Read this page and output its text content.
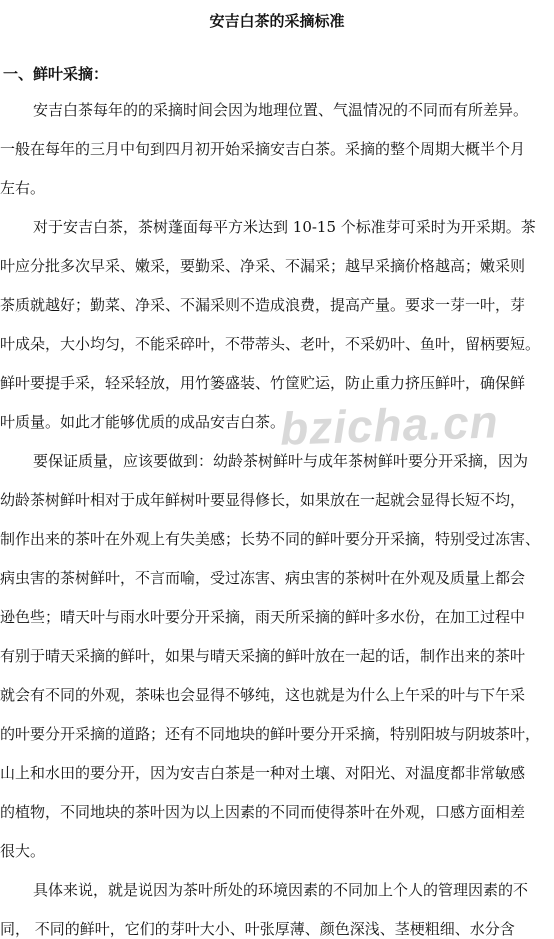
安吉白茶的采摘标准
一、鲜叶采摘：
安吉白茶每年的的采摘时间会因为地理位置、气温情况的不同而有所差异。
一般在每年的三月中旬到四月初开始采摘安吉白茶。采摘的整个周期大概半个月
左右。
对于安吉白茶，茶树蓬面每平方米达到 10-15 个标准芽可采时为开采期。茶
叶应分批多次早采、嫩采，要勤采、净采、不漏采；越早采摘价格越高；嫩采则
茶质就越好；勤菜、净采、不漏采则不造成浪费，提高产量。要求一芽一叶，芽
叶成朵，大小均匀，不能采碎叶，不带蒂头、老叶，不采奶叶、鱼叶，留柄要短。
鲜叶要提手采，轻采轻放，用竹篓盛装、竹筐贮运，防止重力挤压鲜叶，确保鲜
叶质量。如此才能够优质的成品安吉白茶。
要保证质量，应该要做到：幼龄茶树鲜叶与成年茶树鲜叶要分开采摘，因为
幼龄茶树鲜叶相对于成年鲜树叶要显得修长，如果放在一起就会显得长短不均，
制作出来的茶叶在外观上有失美感；长势不同的鲜叶要分开采摘，特别受过冻害、
病虫害的茶树鲜叶，不言而喻，受过冻害、病虫害的茶树叶在外观及质量上都会
逊色些；晴天叶与雨水叶要分开采摘，雨天所采摘的鲜叶多水份，在加工过程中
有别于晴天采摘的鲜叶，如果与晴天采摘的鲜叶放在一起的话，制作出来的茶叶
就会有不同的外观，茶味也会显得不够纯，这也就是为什么上午采的叶与下午采
的叶要分开采摘的道路；还有不同地块的鲜叶要分开采摘，特别阳坡与阴坡茶叶，
山上和水田的要分开，因为安吉白茶是一种对土壤、对阳光、对温度都非常敏感
的植物，不同地块的茶叶因为以上因素的不同而使得茶叶在外观，口感方面相差
很大。
具体来说，就是说因为茶叶所处的环境因素的不同加上个人的管理因素的不
同， 不同的鲜叶，它们的芽叶大小、叶张厚薄、颜色深浅、茎梗粗细、水分含
bzicha.cn
